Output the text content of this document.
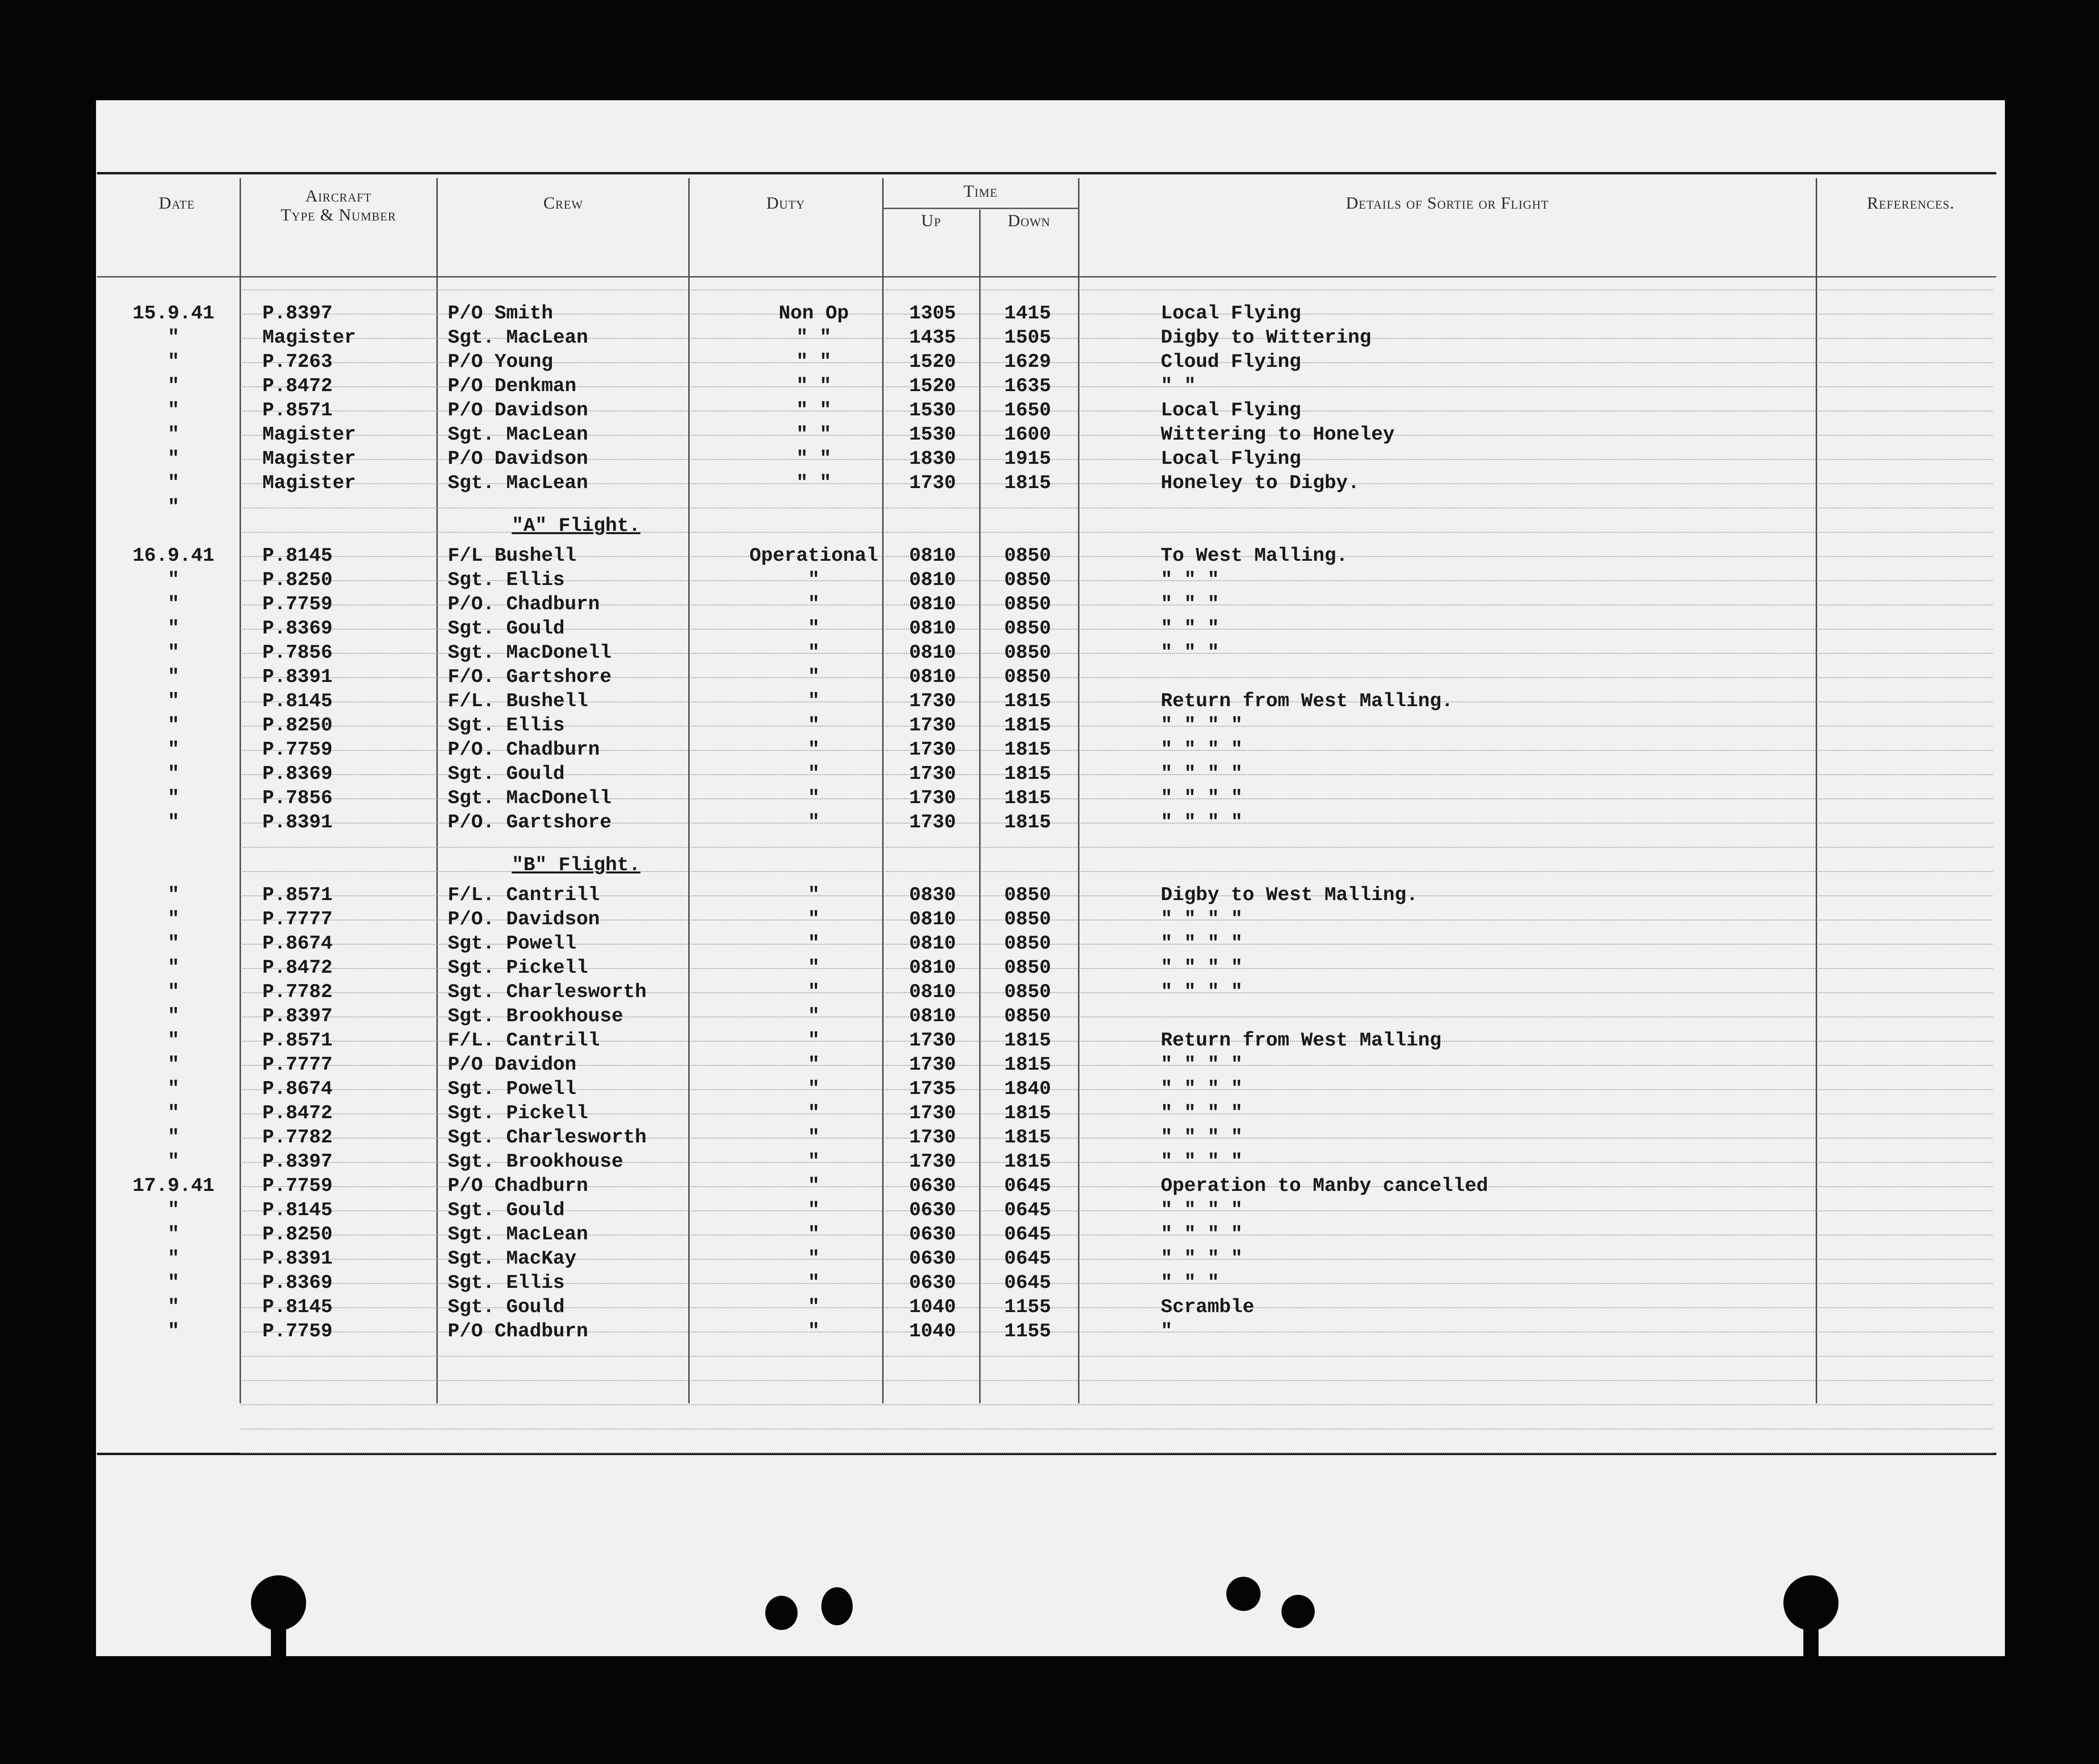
Date	Aircraft
Type & Number
Crew	Duty
Time
Up	Down
Details of Sortie or Flight	References.
"A" Flight.
"B" Flight.
15.9.41	P.8397	P/O Smith	Non Op	1305	1415	Local Flying
"	Magister	Sgt. MacLean	" "	1435	1505	Digby to Wittering
"	P.7263	P/O Young	" "	1520	1629	Cloud Flying
"	P.8472	P/O Denkman	" "	1520	1635	" "
"	P.8571	P/O Davidson	" "	1530	1650	Local Flying
"	Magister	Sgt. MacLean	" "	1530	1600	Wittering to Honeley
"	Magister	P/O Davidson	" "	1830	1915	Local Flying
"	Magister	Sgt. MacLean	" "	1730	1815	Honeley to Digby.
"
16.9.41	P.8145	F/L Bushell	Operational	0810	0850	To West Malling.
"	P.8250	Sgt. Ellis	"	0810	0850	" " "
"	P.7759	P/O. Chadburn	"	0810	0850	" " "
"	P.8369	Sgt. Gould	"	0810	0850	" " "
"	P.7856	Sgt. MacDonell	"	0810	0850	" " "
"	P.8391	F/O. Gartshore	"	0810	0850
"	P.8145	F/L. Bushell	"	1730	1815	Return from West Malling.
"	P.8250	Sgt. Ellis	"	1730	1815	" " " "
"	P.7759	P/O. Chadburn	"	1730	1815	" " " "
"	P.8369	Sgt. Gould	"	1730	1815	" " " "
"	P.7856	Sgt. MacDonell	"	1730	1815	" " " "
"	P.8391	P/O. Gartshore	"	1730	1815	" " " "
"	P.8571	F/L. Cantrill	"	0830	0850	Digby to West Malling.
"	P.7777	P/O. Davidson	"	0810	0850	" " " "
"	P.8674	Sgt. Powell	"	0810	0850	" " " "
"	P.8472	Sgt. Pickell	"	0810	0850	" " " "
"	P.7782	Sgt. Charlesworth	"	0810	0850	" " " "
"	P.8397	Sgt. Brookhouse	"	0810	0850
"	P.8571	F/L. Cantrill	"	1730	1815	Return from West Malling
"	P.7777	P/O Davidon	"	1730	1815	" " " "
"	P.8674	Sgt. Powell	"	1735	1840	" " " "
"	P.8472	Sgt. Pickell	"	1730	1815	" " " "
"	P.7782	Sgt. Charlesworth	"	1730	1815	" " " "
"	P.8397	Sgt. Brookhouse	"	1730	1815	" " " "
17.9.41	P.7759	P/O Chadburn	"	0630	0645	Operation to Manby cancelled
"	P.8145	Sgt. Gould	"	0630	0645	" " " "
"	P.8250	Sgt. MacLean	"	0630	0645	" " " "
"	P.8391	Sgt. MacKay	"	0630	0645	" " " "
"	P.8369	Sgt. Ellis	"	0630	0645	" " "
"	P.8145	Sgt. Gould	"	1040	1155	Scramble
"	P.7759	P/O Chadburn	"	1040	1155	"
